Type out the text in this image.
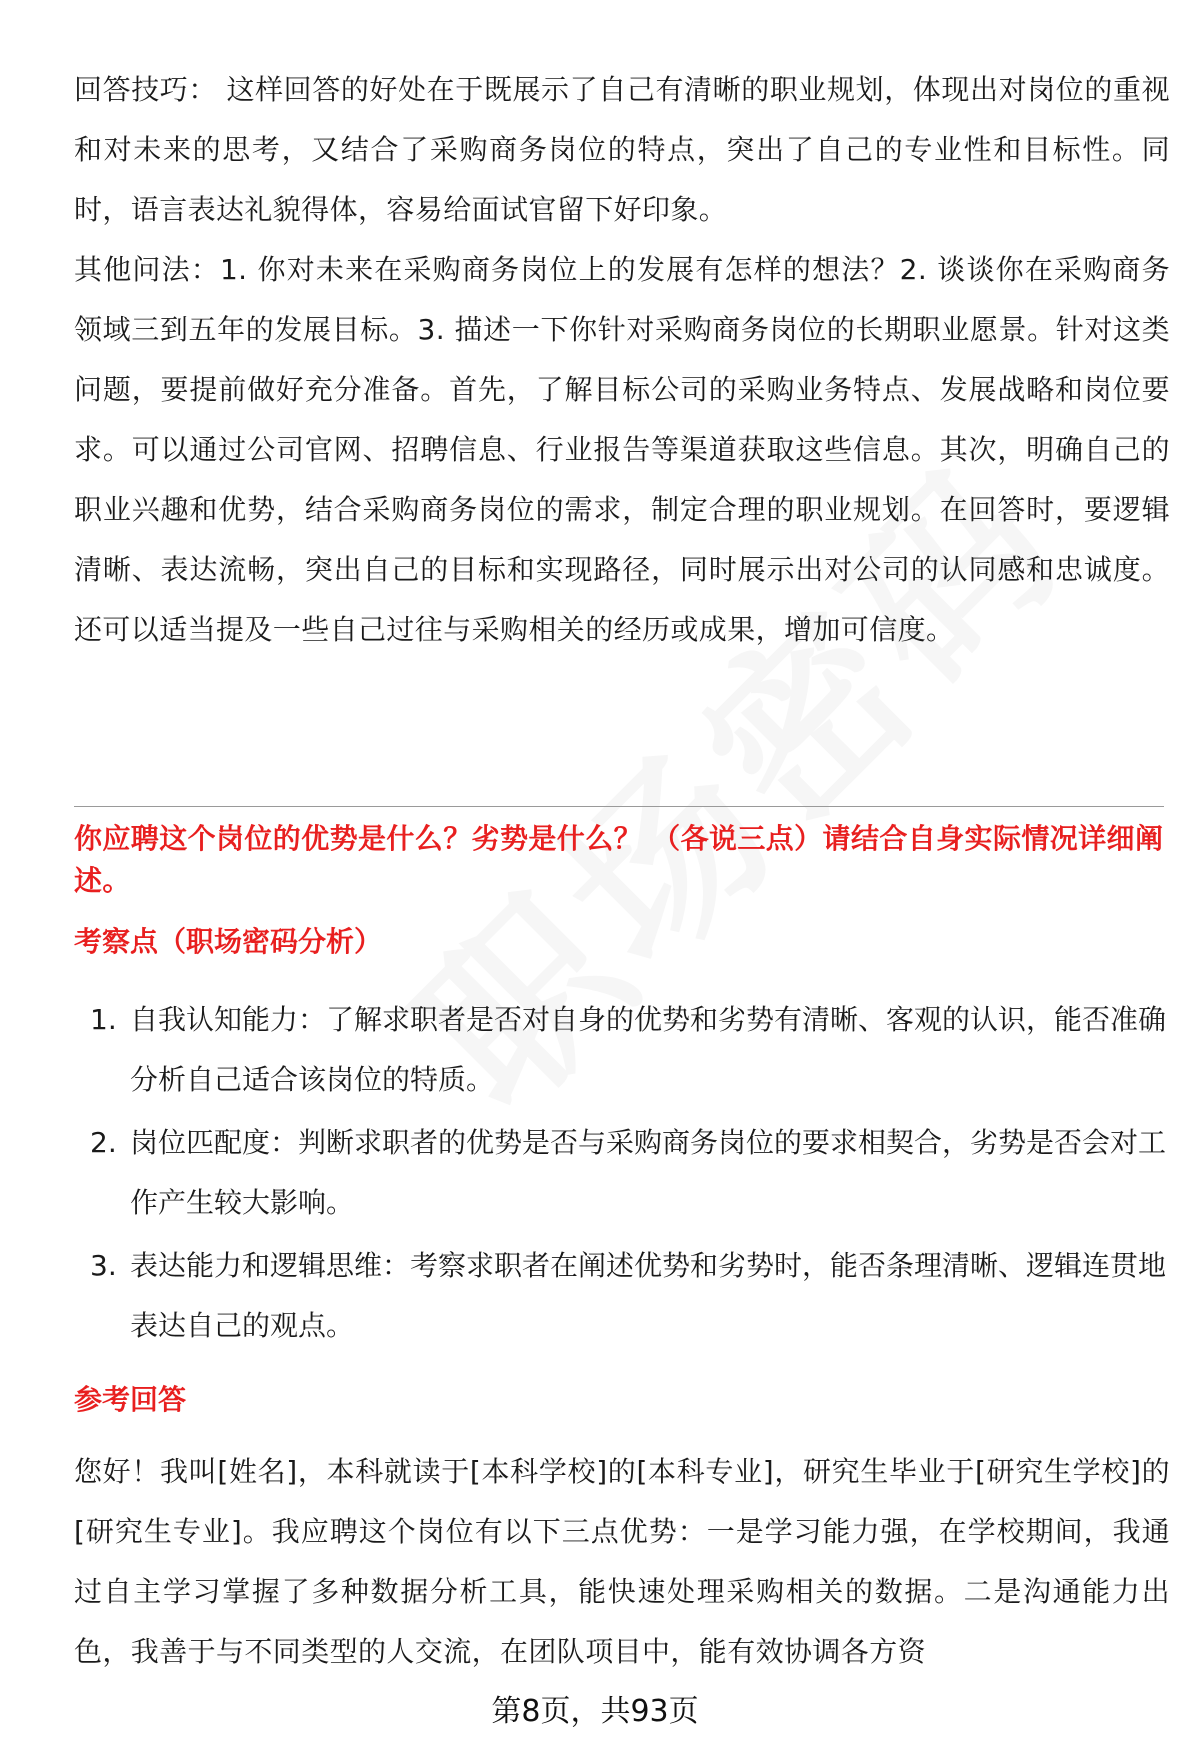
回答技巧： 这样回答的好处在于既展示了自己有清晰的职业规划，体现出对岗位的重视和对未来的思考，又结合了采购商务岗位的特点，突出了自己的专业性和目标性。同时，语言表达礼貌得体，容易给面试官留下好印象。

其他问法：1. 你对未来在采购商务岗位上的发展有怎样的想法？2. 谈谈你在采购商务领域三到五年的发展目标。3. 描述一下你针对采购商务岗位的长期职业愿景。针对这类问题，要提前做好充分准备。首先，了解目标公司的采购业务特点、发展战略和岗位要求。可以通过公司官网、招聘信息、行业报告等渠道获取这些信息。其次，明确自己的职业兴趣和优势，结合采购商务岗位的需求，制定合理的职业规划。在回答时，要逻辑清晰、表达流畅，突出自己的目标和实现路径，同时展示出对公司的认同感和忠诚度。还可以适当提及一些自己过往与采购相关的经历或成果，增加可信度。

你应聘这个岗位的优势是什么？劣势是什么？ （各说三点）请结合自身实际情况详细阐述。

考察点（职场密码分析）

1. 自我认知能力：了解求职者是否对自身的优势和劣势有清晰、客观的认识，能否准确分析自己适合该岗位的特质。
2. 岗位匹配度：判断求职者的优势是否与采购商务岗位的要求相契合，劣势是否会对工作产生较大影响。
3. 表达能力和逻辑思维：考察求职者在阐述优势和劣势时，能否条理清晰、逻辑连贯地表达自己的观点。

参考回答

您好！我叫[姓名]，本科就读于[本科学校]的[本科专业]，研究生毕业于[研究生学校]的[研究生专业]。我应聘这个岗位有以下三点优势：一是学习能力强，在学校期间，我通过自主学习掌握了多种数据分析工具，能快速处理采购相关的数据。二是沟通能力出色，我善于与不同类型的人交流，在团队项目中，能有效协调各方资

第8页，共93页
